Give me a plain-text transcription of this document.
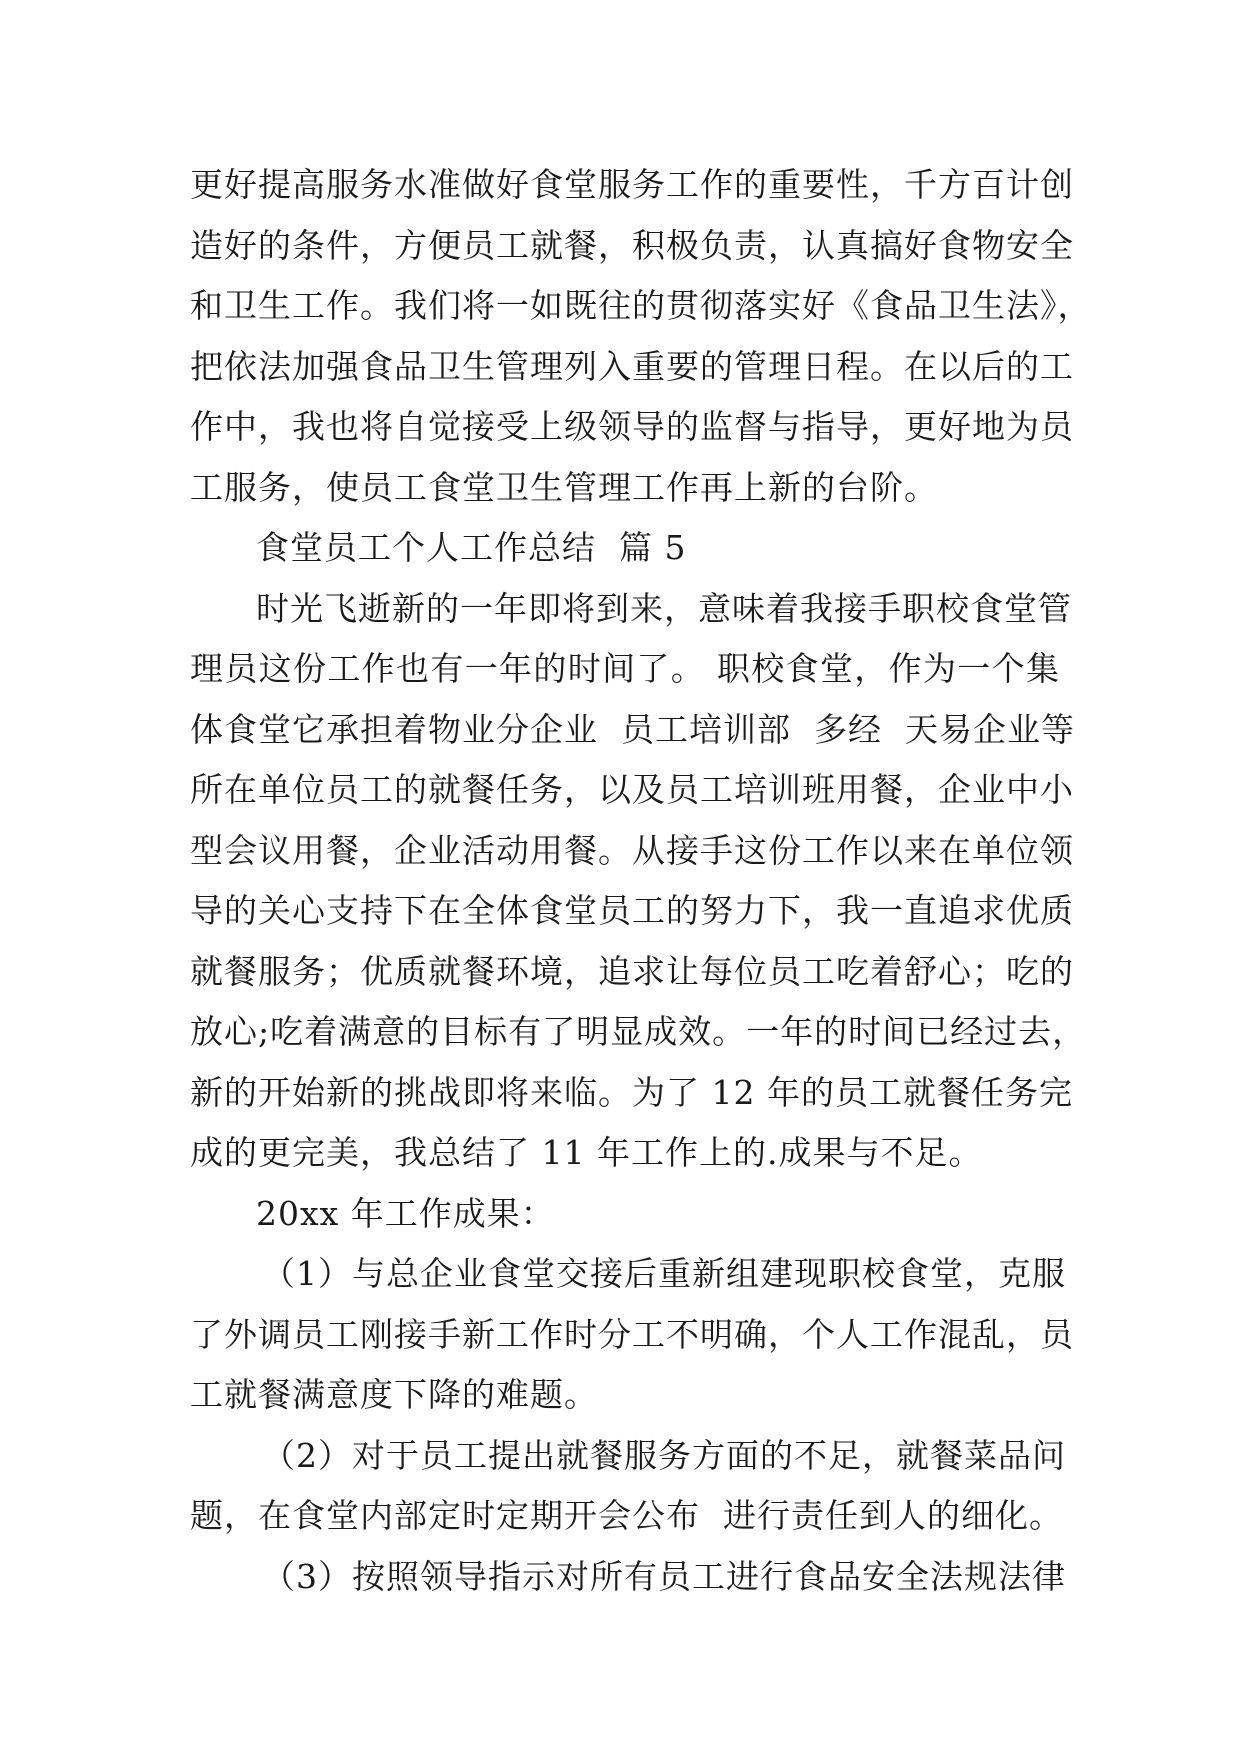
更好提高服务水准做好食堂服务工作的重要性，千方百计创
造好的条件，方便员工就餐，积极负责，认真搞好食物安全
和卫生工作。我们将一如既往的贯彻落实好《食品卫生法》，
把依法加强食品卫生管理列入重要的管理日程。在以后的工
作中，我也将自觉接受上级领导的监督与指导，更好地为员
工服务，使员工食堂卫生管理工作再上新的台阶。
食堂员工个人工作总结  篇 5
时光飞逝新的一年即将到来，意味着我接手职校食堂管
理员这份工作也有一年的时间了。 职校食堂，作为一个集
体食堂它承担着物业分企业  员工培训部  多经  天易企业等
所在单位员工的就餐任务，以及员工培训班用餐，企业中小
型会议用餐，企业活动用餐。从接手这份工作以来在单位领
导的关心支持下在全体食堂员工的努力下，我一直追求优质
就餐服务；优质就餐环境，追求让每位员工吃着舒心；吃的
放心;吃着满意的目标有了明显成效。一年的时间已经过去，
新的开始新的挑战即将来临。为了 12 年的员工就餐任务完
成的更完美，我总结了 11 年工作上的.成果与不足。
20xx 年工作成果：
（1）与总企业食堂交接后重新组建现职校食堂，克服
了外调员工刚接手新工作时分工不明确，个人工作混乱，员
工就餐满意度下降的难题。
（2）对于员工提出就餐服务方面的不足，就餐菜品问
题，在食堂内部定时定期开会公布  进行责任到人的细化。
（3）按照领导指示对所有员工进行食品安全法规法律
